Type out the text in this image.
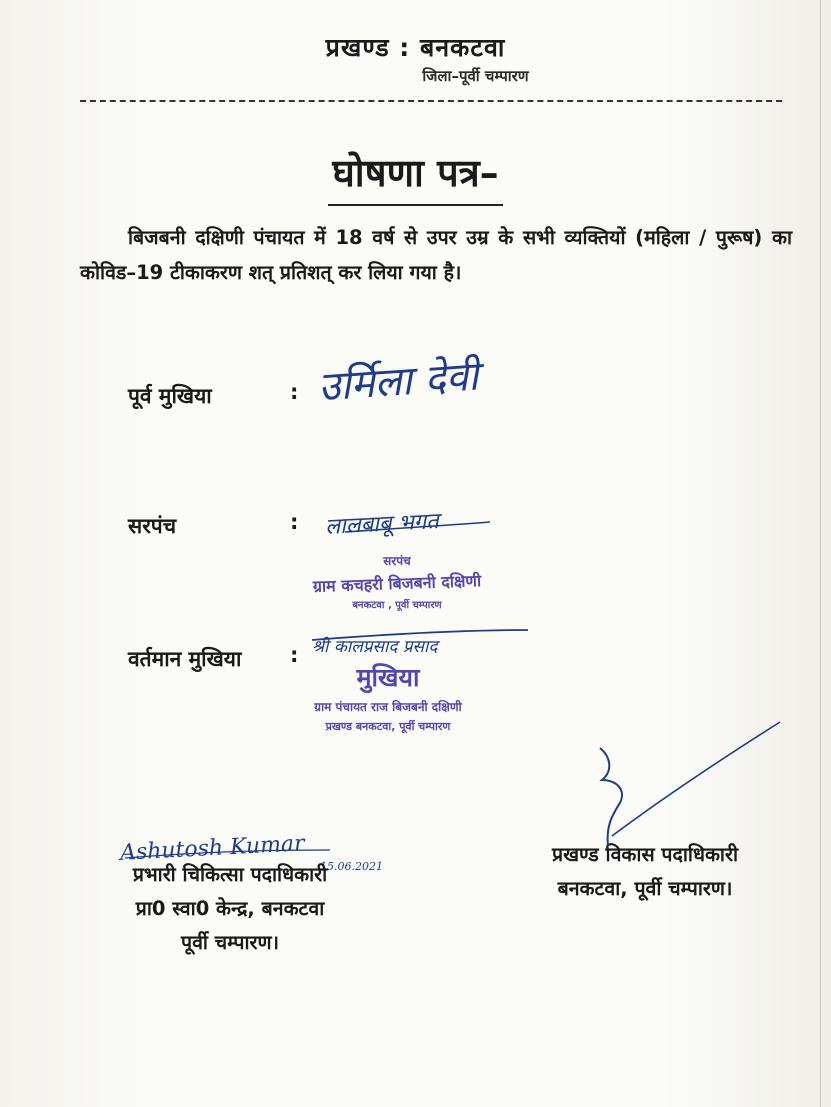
प्रखण्ड : बनकटवा
जिला–पूर्वी चम्पारण
घोषणा पत्र–
बिजबनी दक्षिणी पंचायत में 18 वर्ष से उपर उम्र के सभी व्यक्तियों (महिला / पुरूष) का कोविड–19 टीकाकरण शत् प्रतिशत् कर लिया गया है।
पूर्व मुखिया	: उर्मिला देवी
सरपंच	: लालबाबू भगत
सरपंच
ग्राम कचहरी बिजबनी दक्षिणी
बनकटवा , पूर्वी चम्पारण
वर्तमान मुखिया : श्री कालप्रसाद प्रसाद
मुखिया
ग्राम पंचायत राज बिजबनी दक्षिणी
प्रखण्ड बनकटवा, पूर्वी चम्पारण
Ashutosh Kumar
15.06.2021
प्रभारी चिकित्सा पदाधिकारी
प्रा0 स्वा0 केन्द्र, बनकटवा
पूर्वी चम्पारण।
प्रखण्ड विकास पदाधिकारी
बनकटवा, पूर्वी चम्पारण।
